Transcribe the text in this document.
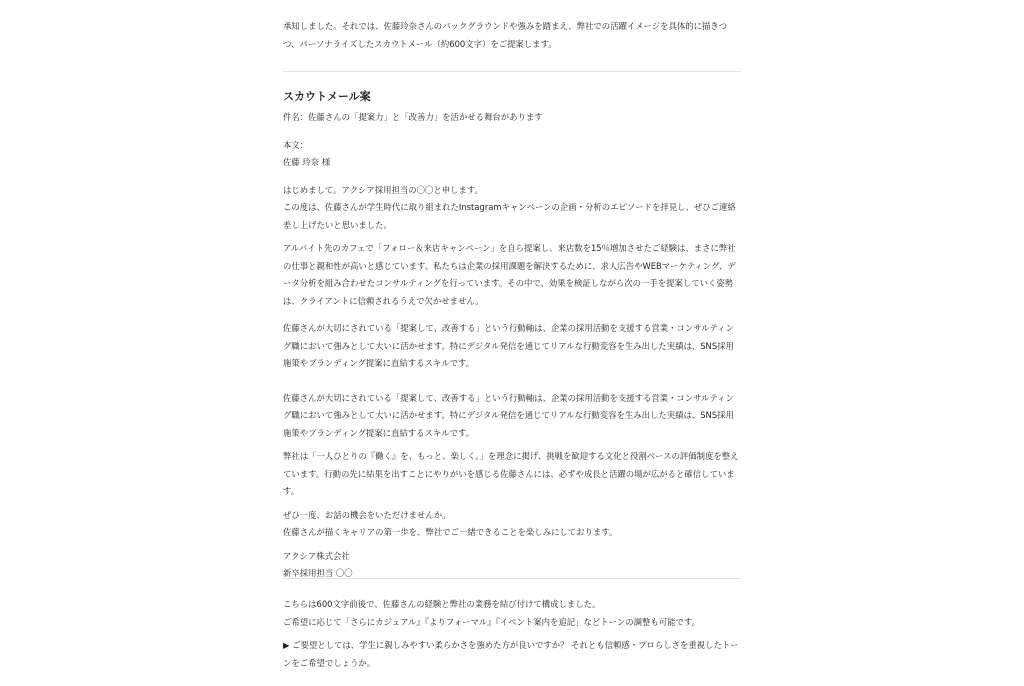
承知しました。それでは、佐藤玲奈さんのバックグラウンドや強みを踏まえ、弊社での活躍イメージを具体的に描きつつ、パーソナライズしたスカウトメール（約600文字）をご提案します。
スカウトメール案

件名：佐藤さんの「提案力」と「改善力」を活かせる舞台があります

本文：

佐藤 玲奈 様

はじめまして。アクシア採用担当の〇〇と申します。

この度は、佐藤さんが学生時代に取り組まれたInstagramキャンペーンの企画・分析のエピソードを拝見し、ぜひご連絡差し上げたいと思いました。

アルバイト先のカフェで「フォロー＆来店キャンペーン」を自ら提案し、来店数を15％増加させたご経験は、まさに弊社の仕事と親和性が高いと感じています。私たちは企業の採用課題を解決するために、求人広告やWEBマーケティング、データ分析を組み合わせたコンサルティングを行っています。その中で、効果を検証しながら次の一手を提案していく姿勢は、クライアントに信頼されるうえで欠かせません。

佐藤さんが大切にされている「提案して、改善する」という行動軸は、企業の採用活動を支援する営業・コンサルティング職において強みとして大いに活かせます。特にデジタル発信を通じてリアルな行動変容を生み出した実績は、SNS採用施策やブランディング提案に直結するスキルです。

佐藤さんが大切にされている「提案して、改善する」という行動軸は、企業の採用活動を支援する営業・コンサルティング職において強みとして大いに活かせます。特にデジタル発信を通じてリアルな行動変容を生み出した実績は、SNS採用施策やブランディング提案に直結するスキルです。

弊社は「一人ひとりの『働く』を、もっと、楽しく。」を理念に掲げ、挑戦を歓迎する文化と役割ベースの評価制度を整えています。行動の先に結果を出すことにやりがいを感じる佐藤さんには、必ずや成長と活躍の場が広がると確信しています。

ぜひ一度、お話の機会をいただけませんか。

佐藤さんが描くキャリアの第一歩を、弊社でご一緒できることを楽しみにしております。

アクシア株式会社

新卒採用担当 〇〇

こちらは600文字前後で、佐藤さんの経験と弊社の業務を結び付けて構成しました。

ご希望に応じて「さらにカジュアル』『よりフォーマル』『イベント案内を追記」などトーンの調整も可能です。

▶ ご要望としては、学生に親しみやすい柔らかさを強めた方が良いですか？ それとも信頼感・プロらしさを重視したトーンをご希望でしょうか。
